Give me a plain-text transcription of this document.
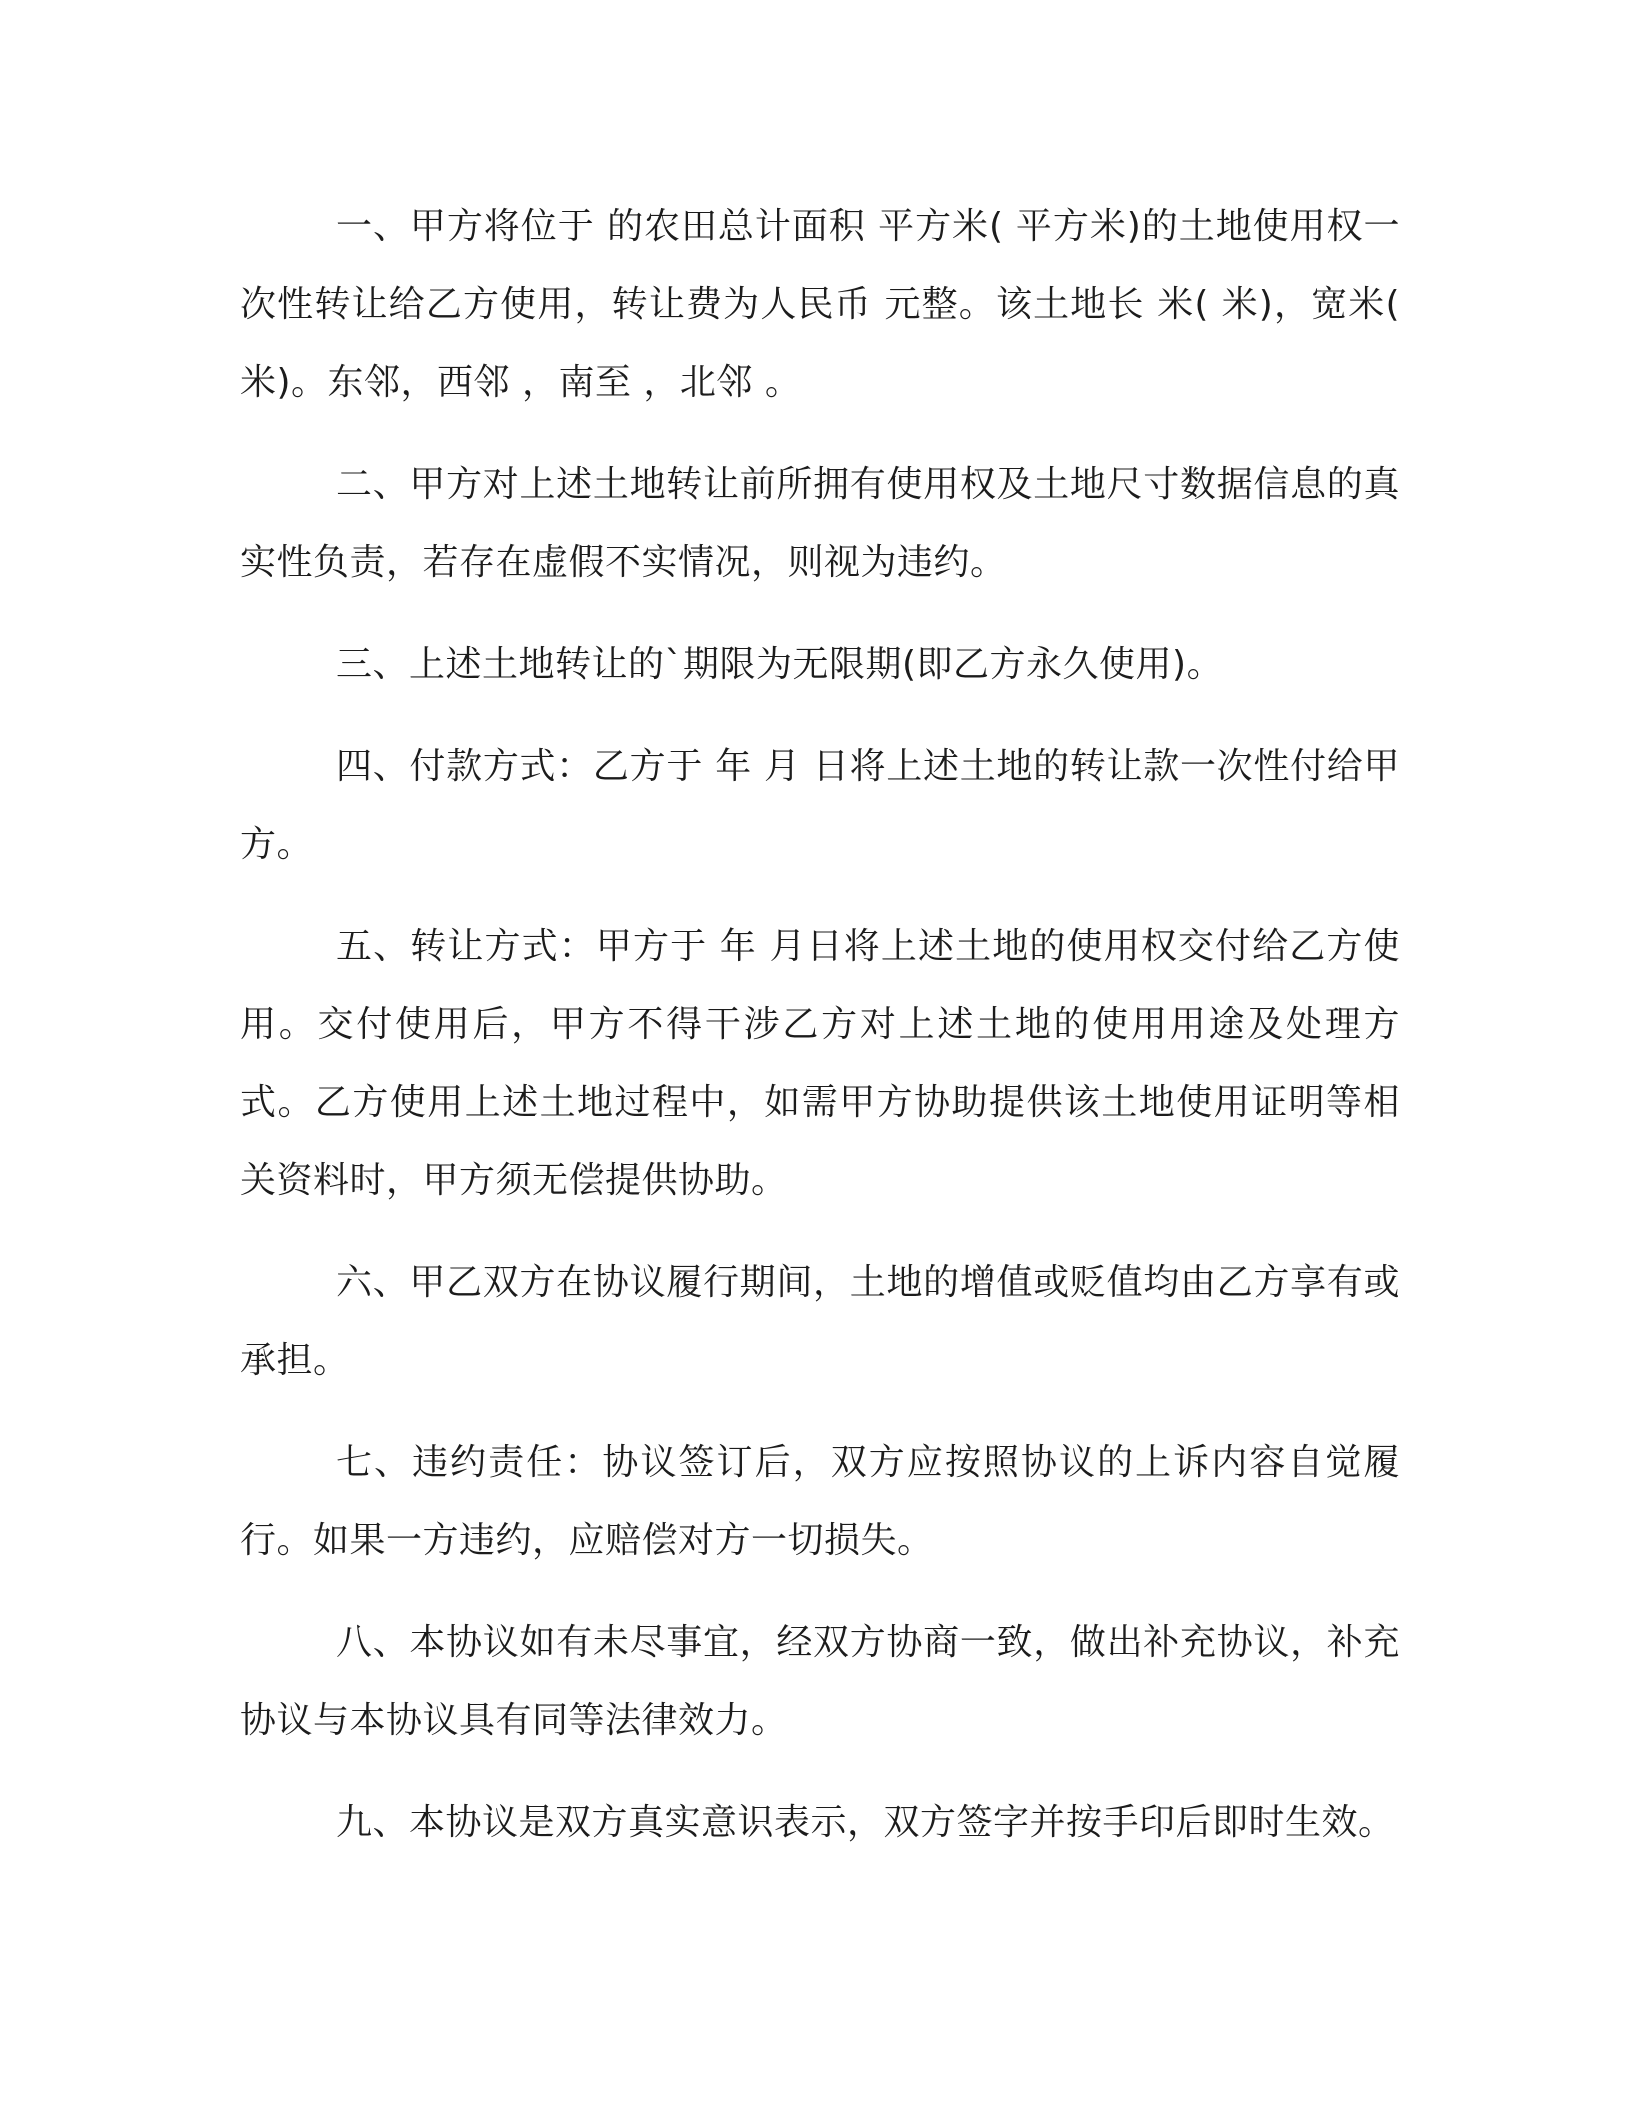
一、甲方将位于 的农田总计面积 平方米( 平方米)的土地使用权一次性转让给乙方使用，转让费为人民币 元整。该土地长 米( 米)，宽米( 米)。东邻，西邻 ，南至 ，北邻 。

二、甲方对上述土地转让前所拥有使用权及土地尺寸数据信息的真实性负责，若存在虚假不实情况，则视为违约。

三、上述土地转让的`期限为无限期(即乙方永久使用)。

四、付款方式：乙方于 年 月 日将上述土地的转让款一次性付给甲方。

五、转让方式：甲方于 年 月日将上述土地的使用权交付给乙方使用。交付使用后，甲方不得干涉乙方对上述土地的使用用途及处理方式。乙方使用上述土地过程中，如需甲方协助提供该土地使用证明等相关资料时，甲方须无偿提供协助。

六、甲乙双方在协议履行期间，土地的增值或贬值均由乙方享有或承担。

七、违约责任：协议签订后，双方应按照协议的上诉内容自觉履行。如果一方违约，应赔偿对方一切损失。

八、本协议如有未尽事宜，经双方协商一致，做出补充协议，补充协议与本协议具有同等法律效力。

九、本协议是双方真实意识表示，双方签字并按手印后即时生效。
